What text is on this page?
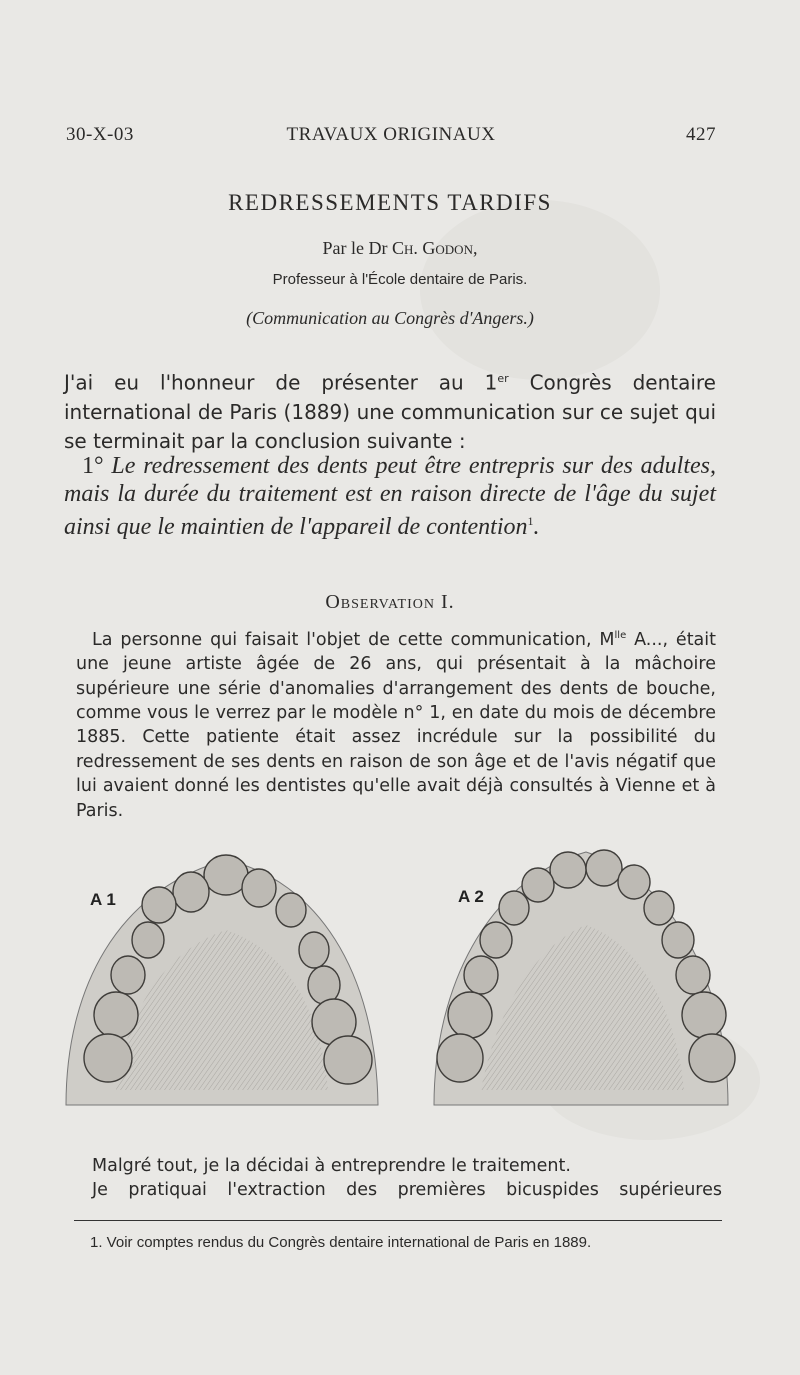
30-X-03	TRAVAUX ORIGINAUX	427
REDRESSEMENTS TARDIFS
Par le Dr Ch. Godon,
Professeur à l'École dentaire de Paris.
(Communication au Congrès d'Angers.)
J'ai eu l'honneur de présenter au 1er Congrès dentaire international de Paris (1889) une communication sur ce sujet qui se terminait par la conclusion suivante :
1° Le redressement des dents peut être entrepris sur des adultes, mais la durée du traitement est en raison directe de l'âge du sujet ainsi que le maintien de l'appareil de contention$^1$.
Observation I.
La personne qui faisait l'objet de cette communication, $M^{lle}$ A..., était une jeune artiste âgée de 26 ans, qui présentait à la mâchoire supérieure une série d'anomalies d'arrangement des dents de bouche, comme vous le verrez par le modèle n° 1, en date du mois de décembre 1885. Cette patiente était assez incrédule sur la possibilité du redressement de ses dents en raison de son âge et de l'avis négatif que lui avaient donné les dentistes qu'elle avait déjà consultés à Vienne et à Paris.
A 1	A 2
Malgré tout, je la décidai à entreprendre le traitement.
Je pratiquai l'extraction des premières bicuspides supérieures
1. Voir comptes rendus du Congrès dentaire international de Paris en 1889.
